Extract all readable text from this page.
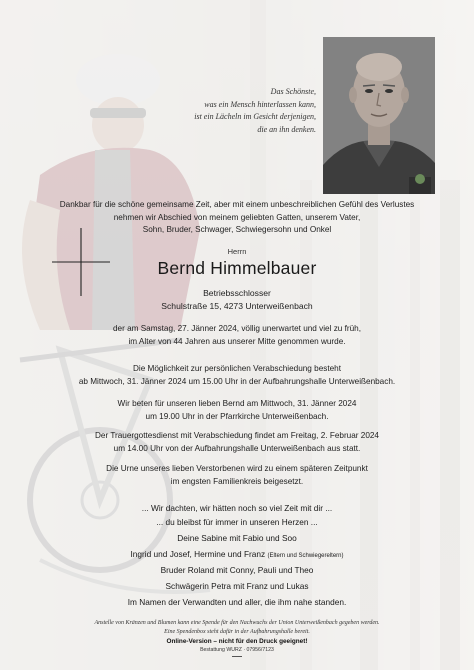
Das Schönste,
was ein Mensch hinterlassen kann,
ist ein Lächeln im Gesicht derjenigen,
die an ihn denken.
Dankbar für die schöne gemeinsame Zeit, aber mit einem unbeschreiblichen Gefühl des Verlustes
nehmen wir Abschied von meinem geliebten Gatten, unserem Vater,
Sohn, Bruder, Schwager, Schwiegersohn und Onkel
Herrn
Bernd Himmelbauer
Betriebsschlosser
Schulstraße 15, 4273 Unterweißenbach
der am Samstag, 27. Jänner 2024, völlig unerwartet und viel zu früh,
im Alter von 44 Jahren aus unserer Mitte genommen wurde.
Die Möglichkeit zur persönlichen Verabschiedung besteht
ab Mittwoch, 31. Jänner 2024 um 15.00 Uhr in der Aufbahrungshalle Unterweißenbach.
Wir beten für unseren lieben Bernd am Mittwoch, 31. Jänner 2024
um 19.00 Uhr in der Pfarrkirche Unterweißenbach.
Der Trauergottesdienst mit Verabschiedung findet am Freitag, 2. Februar 2024
um 14.00 Uhr von der Aufbahrungshalle Unterweißenbach aus statt.
Die Urne unseres lieben Verstorbenen wird zu einem späteren Zeitpunkt
im engsten Familienkreis beigesetzt.
... Wir dachten, wir hätten noch so viel Zeit mit dir ...
... du bleibst für immer in unseren Herzen ...
Deine Sabine mit Fabio und Soo
Ingrid und Josef, Hermine und Franz (Eltern und Schwiegereltern)
Bruder Roland mit Conny, Pauli und Theo
Schwägerin Petra mit Franz und Lukas
Im Namen der Verwandten und aller, die ihm nahe standen.
Anstelle von Kränzen und Blumen kann eine Spende für den Nachwuchs der Union Unterweißenbach gegeben werden.
Eine Spendenbox steht dafür in der Aufbahrungshalle bereit.
Online-Version – nicht für den Druck geeignet!
Bestattung WURZ · 07956/7123
